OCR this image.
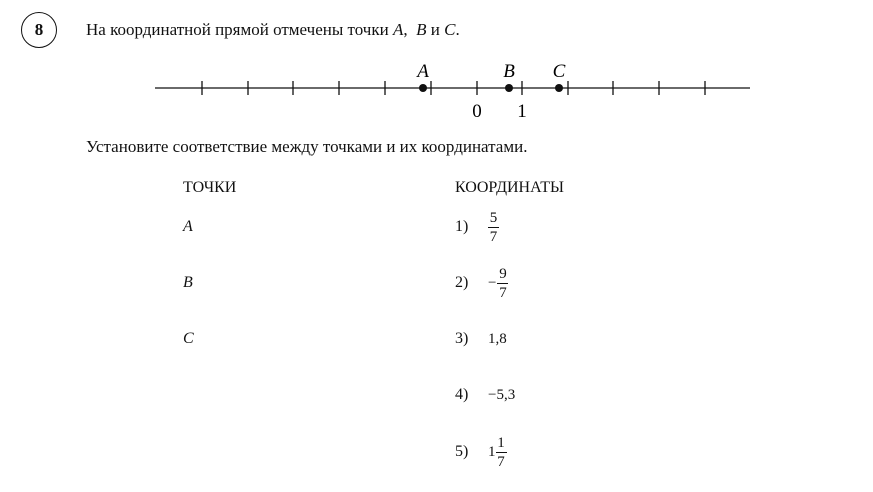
8	На координатной прямой отмечены точки A, B и C.
0 1
A	B C
Установите соответствие между точками и их координатами.
ТОЧКИ	КООРДИНАТЫ
A
B
C
1)	$\frac{5}{7}$
2)	− $\frac{9}{7}$
3)	1,8
4)	−5,3
5)	$1 \frac{1}{7}$
